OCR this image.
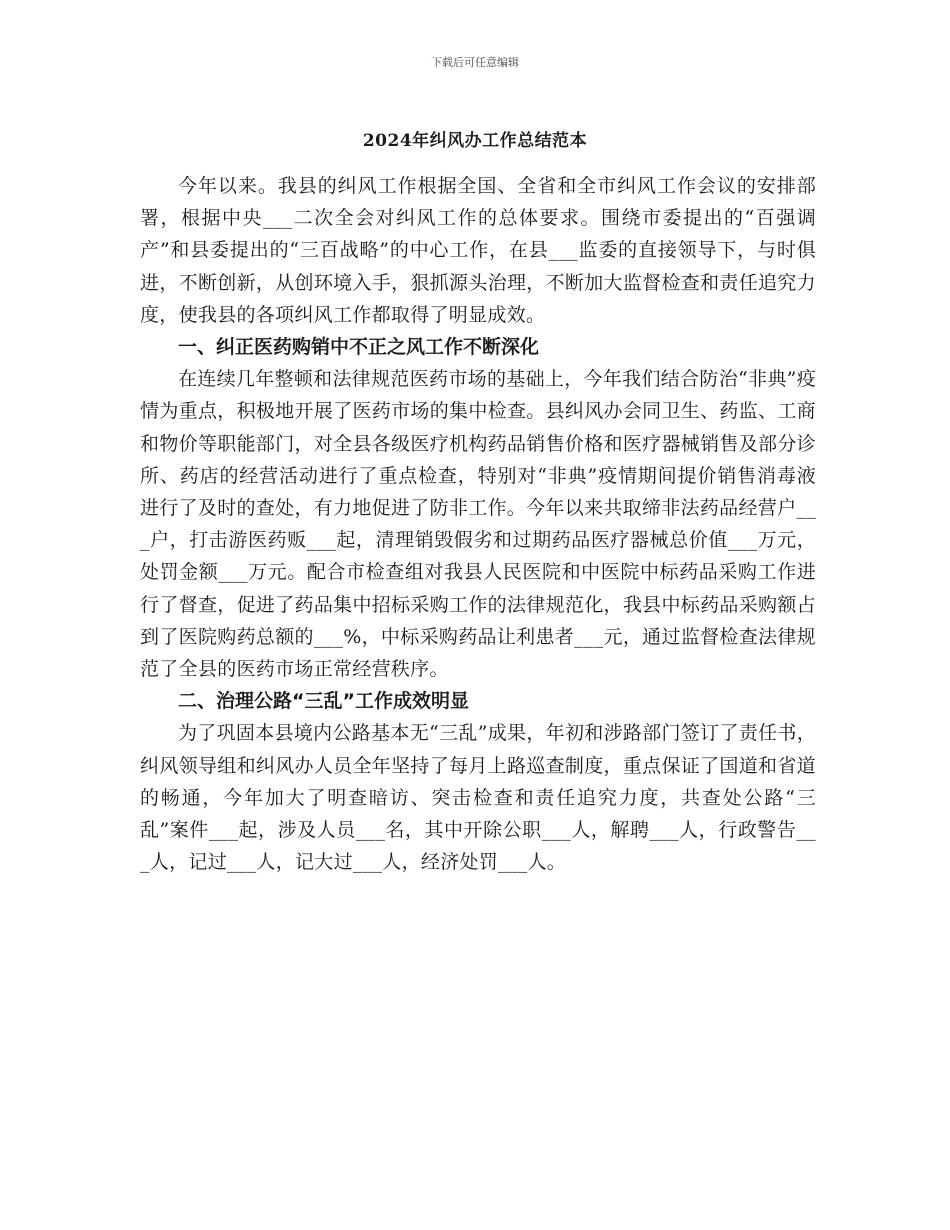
下载后可任意编辑
2024年纠风办工作总结范本

今年以来。我县的纠风工作根据全国、全省和全市纠风工作会议的安排部署，根据中央___二次全会对纠风工作的总体要求。围绕市委提出的“百强调产”和县委提出的“三百战略”的中心工作，在县___监委的直接领导下，与时俱进，不断创新，从创环境入手，狠抓源头治理，不断加大监督检查和责任追究力度，使我县的各项纠风工作都取得了明显成效。

一、纠正医药购销中不正之风工作不断深化

在连续几年整顿和法律规范医药市场的基础上，今年我们结合防治“非典”疫情为重点，积极地开展了医药市场的集中检查。县纠风办会同卫生、药监、工商和物价等职能部门，对全县各级医疗机构药品销售价格和医疗器械销售及部分诊所、药店的经营活动进行了重点检查，特别对“非典”疫情期间提价销售消毒液进行了及时的查处，有力地促进了防非工作。今年以来共取缔非法药品经营户___户，打击游医药贩___起，清理销毁假劣和过期药品医疗器械总价值___万元，处罚金额___万元。配合市检查组对我县人民医院和中医院中标药品采购工作进行了督查，促进了药品集中招标采购工作的法律规范化，我县中标药品采购额占到了医院购药总额的___%，中标采购药品让利患者___元，通过监督检查法律规范了全县的医药市场正常经营秩序。

二、治理公路“三乱”工作成效明显

为了巩固本县境内公路基本无“三乱”成果，年初和涉路部门签订了责任书，纠风领导组和纠风办人员全年坚持了每月上路巡查制度，重点保证了国道和省道的畅通，今年加大了明查暗访、突击检查和责任追究力度，共查处公路“三乱”案件___起，涉及人员___名，其中开除公职___人，解聘___人，行政警告___人，记过___人，记大过___人，经济处罚___人。
